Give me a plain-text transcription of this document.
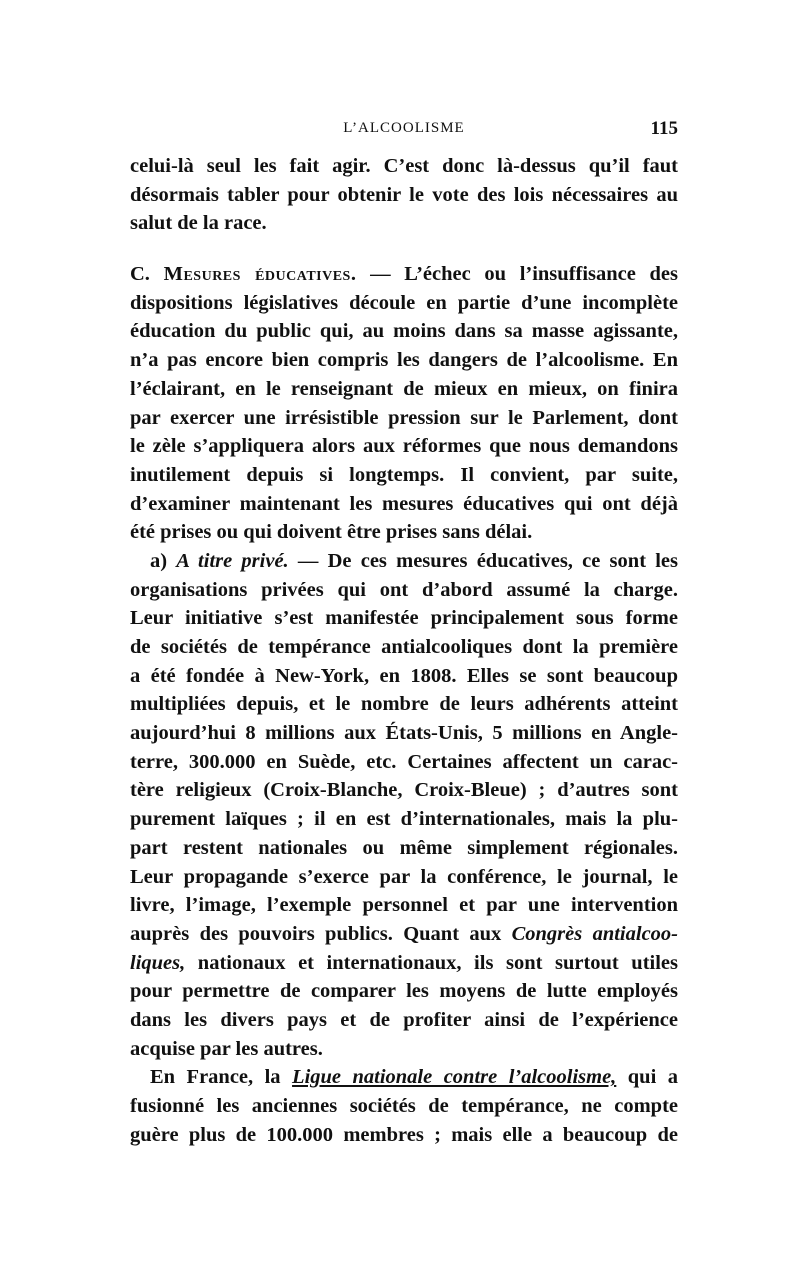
L’ALCOOLISME	115
celui-là seul les fait agir. C’est donc là-dessus qu’il faut
désormais tabler pour obtenir le vote des lois nécessaires au
salut de la race.
C. Mesures éducatives. — L’échec ou l’insuffisance des
dispositions législatives découle en partie d’une incomplète
éducation du public qui, au moins dans sa masse agissante,
n’a pas encore bien compris les dangers de l’alcoolisme. En
l’éclairant, en le renseignant de mieux en mieux, on finira
par exercer une irrésistible pression sur le Parlement, dont
le zèle s’appliquera alors aux réformes que nous demandons
inutilement depuis si longtemps. Il convient, par suite,
d’examiner maintenant les mesures éducatives qui ont déjà
été prises ou qui doivent être prises sans délai.
a) A titre privé. — De ces mesures éducatives, ce sont les
organisations privées qui ont d’abord assumé la charge.
Leur initiative s’est manifestée principalement sous forme
de sociétés de tempérance antialcooliques dont la première
a été fondée à New-York, en 1808. Elles se sont beaucoup
multipliées depuis, et le nombre de leurs adhérents atteint
aujourd’hui 8 millions aux États-Unis, 5 millions en Angle-
terre, 300.000 en Suède, etc. Certaines affectent un carac-
tère religieux (Croix-Blanche, Croix-Bleue) ; d’autres sont
purement laïques ; il en est d’internationales, mais la plu-
part restent nationales ou même simplement régionales.
Leur propagande s’exerce par la conférence, le journal, le
livre, l’image, l’exemple personnel et par une intervention
auprès des pouvoirs publics. Quant aux Congrès antialcoo-
liques, nationaux et internationaux, ils sont surtout utiles
pour permettre de comparer les moyens de lutte employés
dans les divers pays et de profiter ainsi de l’expérience
acquise par les autres.
En France, la Ligue nationale contre l’alcoolisme, qui a
fusionné les anciennes sociétés de tempérance, ne compte
guère plus de 100.000 membres ; mais elle a beaucoup de
